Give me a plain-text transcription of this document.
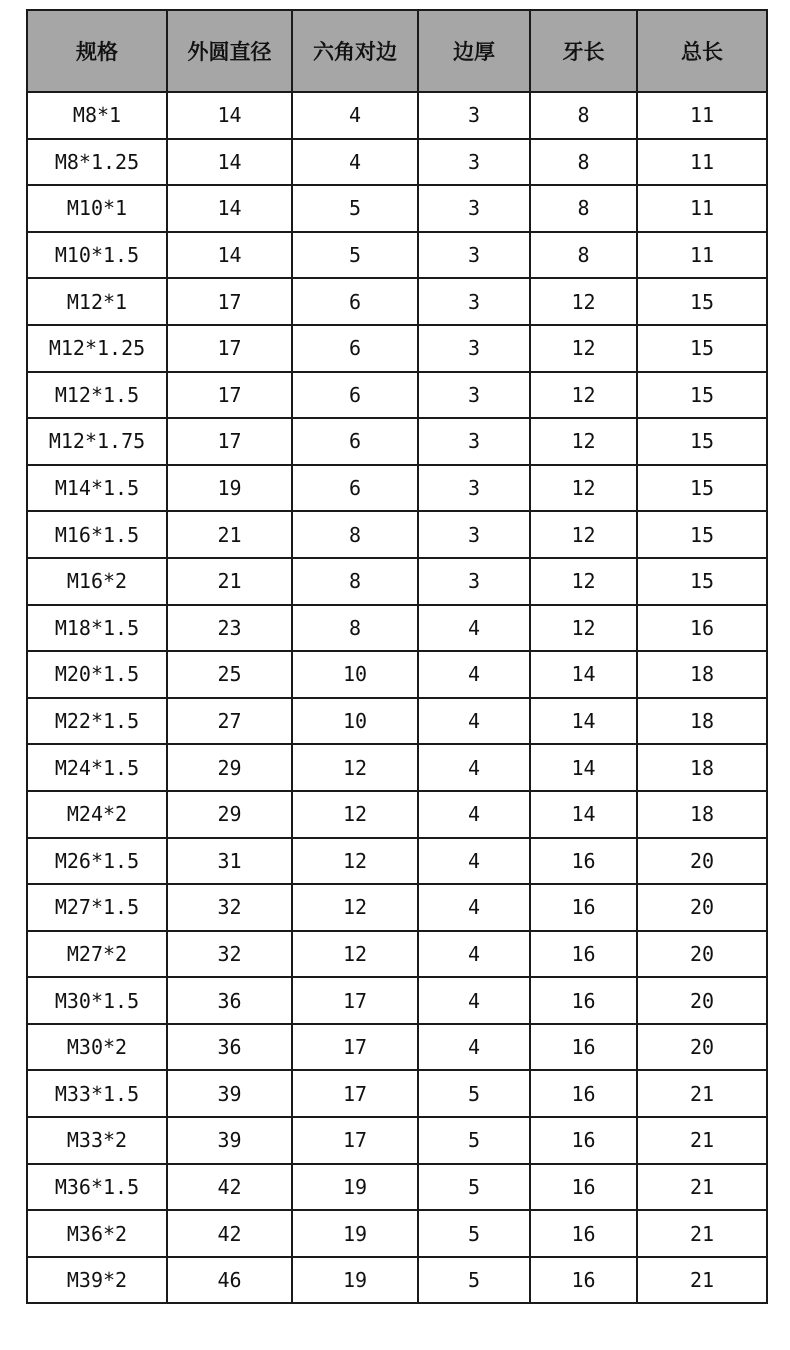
规格	外圆直径	六角对边	边厚	牙长	总长
M8*1	14	4	3	8	11
M8*1.25	14	4	3	8	11
M10*1	14	5	3	8	11
M10*1.5	14	5	3	8	11
M12*1	17	6	3	12	15
M12*1.25	17	6	3	12	15
M12*1.5	17	6	3	12	15
M12*1.75	17	6	3	12	15
M14*1.5	19	6	3	12	15
M16*1.5	21	8	3	12	15
M16*2	21	8	3	12	15
M18*1.5	23	8	4	12	16
M20*1.5	25	10	4	14	18
M22*1.5	27	10	4	14	18
M24*1.5	29	12	4	14	18
M24*2	29	12	4	14	18
M26*1.5	31	12	4	16	20
M27*1.5	32	12	4	16	20
M27*2	32	12	4	16	20
M30*1.5	36	17	4	16	20
M30*2	36	17	4	16	20
M33*1.5	39	17	5	16	21
M33*2	39	17	5	16	21
M36*1.5	42	19	5	16	21
M36*2	42	19	5	16	21
M39*2	46	19	5	16	21
